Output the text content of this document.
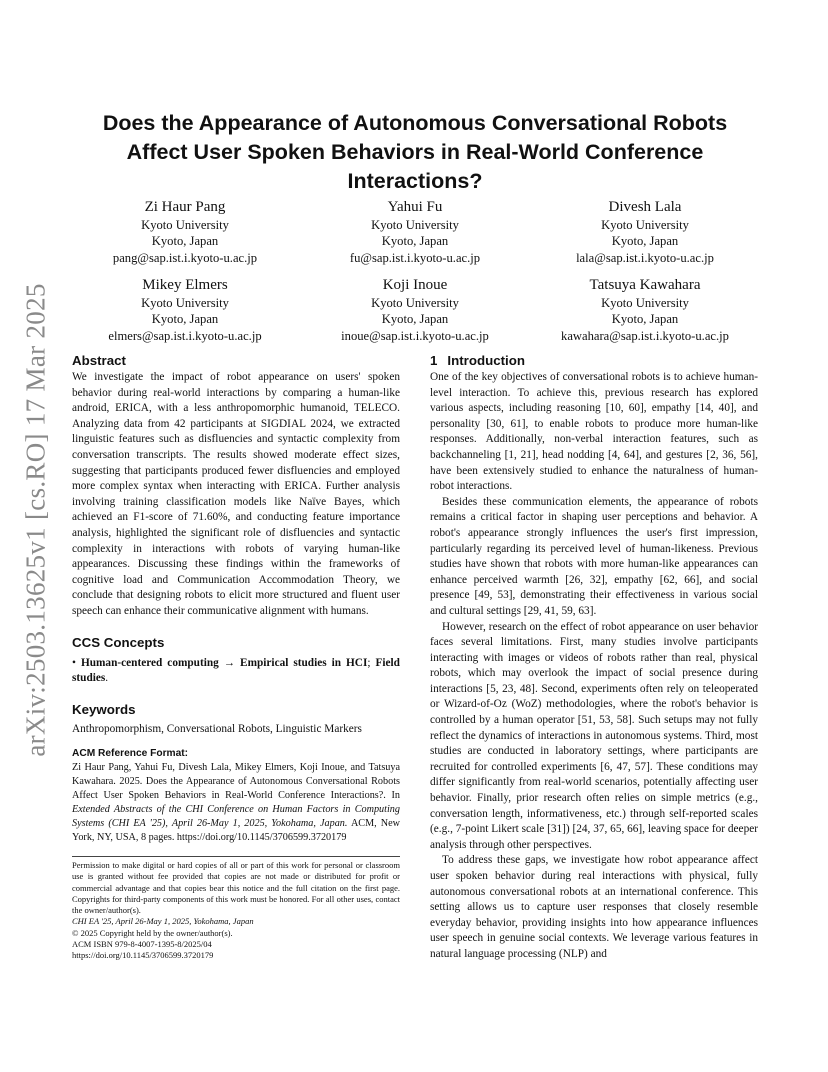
arXiv:2503.13625v1 [cs.RO] 17 Mar 2025
Does the Appearance of Autonomous Conversational Robots
Affect User Spoken Behaviors in Real-World Conference
Interactions?
Zi Haur Pang
Kyoto University
Kyoto, Japan
pang@sap.ist.i.kyoto-u.ac.jp
Yahui Fu
Kyoto University
Kyoto, Japan
fu@sap.ist.i.kyoto-u.ac.jp
Divesh Lala
Kyoto University
Kyoto, Japan
lala@sap.ist.i.kyoto-u.ac.jp
Mikey Elmers
Kyoto University
Kyoto, Japan
elmers@sap.ist.i.kyoto-u.ac.jp
Koji Inoue
Kyoto University
Kyoto, Japan
inoue@sap.ist.i.kyoto-u.ac.jp
Tatsuya Kawahara
Kyoto University
Kyoto, Japan
kawahara@sap.ist.i.kyoto-u.ac.jp
Abstract

We investigate the impact of robot appearance on users' spoken behavior during real-world interactions by comparing a human-like android, ERICA, with a less anthropomorphic humanoid, TELECO. Analyzing data from 42 participants at SIGDIAL 2024, we extracted linguistic features such as disfluencies and syntactic complexity from conversation transcripts. The results showed moderate effect sizes, suggesting that participants produced fewer disfluencies and employed more complex syntax when interacting with ERICA. Further analysis involving training classification models like Naïve Bayes, which achieved an F1-score of 71.60%, and conducting feature importance analysis, highlighted the significant role of disfluencies and syntactic complexity in interactions with robots of varying human-like appearances. Discussing these findings within the frameworks of cognitive load and Communication Accommodation Theory, we conclude that designing robots to elicit more structured and fluent user speech can enhance their communicative alignment with humans.

CCS Concepts

• Human-centered computing → Empirical studies in HCI; Field studies.

Keywords

Anthropomorphism, Conversational Robots, Linguistic Markers

ACM Reference Format:

Zi Haur Pang, Yahui Fu, Divesh Lala, Mikey Elmers, Koji Inoue, and Tatsuya Kawahara. 2025. Does the Appearance of Autonomous Conversational Robots Affect User Spoken Behaviors in Real-World Conference Interactions?. In Extended Abstracts of the CHI Conference on Human Factors in Computing Systems (CHI EA '25), April 26-May 1, 2025, Yokohama, Japan. ACM, New York, NY, USA, 8 pages. https://doi.org/10.1145/3706599.3720179

Permission to make digital or hard copies of all or part of this work for personal or classroom use is granted without fee provided that copies are not made or distributed for profit or commercial advantage and that copies bear this notice and the full citation on the first page. Copyrights for third-party components of this work must be honored. For all other uses, contact the owner/author(s).

CHI EA '25, April 26-May 1, 2025, Yokohama, Japan

© 2025 Copyright held by the owner/author(s).

ACM ISBN 979-8-4007-1395-8/2025/04

https://doi.org/10.1145/3706599.3720179

1 Introduction

One of the key objectives of conversational robots is to achieve human-level interaction. To achieve this, previous research has explored various aspects, including reasoning [10, 60], empathy [14, 40], and personality [30, 61], to enable robots to produce more human-like responses. Additionally, non-verbal interaction features, such as backchanneling [1, 21], head nodding [4, 64], and gestures [2, 36, 56], have been extensively studied to enhance the naturalness of human-robot interactions.

Besides these communication elements, the appearance of robots remains a critical factor in shaping user perceptions and behavior. A robot's appearance strongly influences the user's first impression, particularly regarding its perceived level of human-likeness. Previous studies have shown that robots with more human-like appearances can enhance perceived warmth [26, 32], empathy [62, 66], and social presence [49, 53], demonstrating their effectiveness in various social and cultural settings [29, 41, 59, 63].

However, research on the effect of robot appearance on user behavior faces several limitations. First, many studies involve participants interacting with images or videos of robots rather than real, physical robots, which may overlook the impact of social presence during interactions [5, 23, 48]. Second, experiments often rely on teleoperated or Wizard-of-Oz (WoZ) methodologies, where the robot's behavior is controlled by a human operator [51, 53, 58]. Such setups may not fully reflect the dynamics of interactions in autonomous systems. Third, most studies are conducted in laboratory settings, where participants are recruited for controlled experiments [6, 47, 57]. These conditions may differ significantly from real-world scenarios, potentially affecting user behavior. Finally, prior research often relies on simple metrics (e.g., conversation length, informativeness, etc.) through self-reported scales (e.g., 7-point Likert scale [31]) [24, 37, 65, 66], leaving space for deeper analysis through other perspectives.

To address these gaps, we investigate how robot appearance affect user spoken behavior during real interactions with physical, fully autonomous conversational robots at an international conference. This setting allows us to capture user responses that closely resemble everyday behavior, providing insights into how appearance influences user speech in genuine social contexts. We leverage various features in natural language processing (NLP) and
